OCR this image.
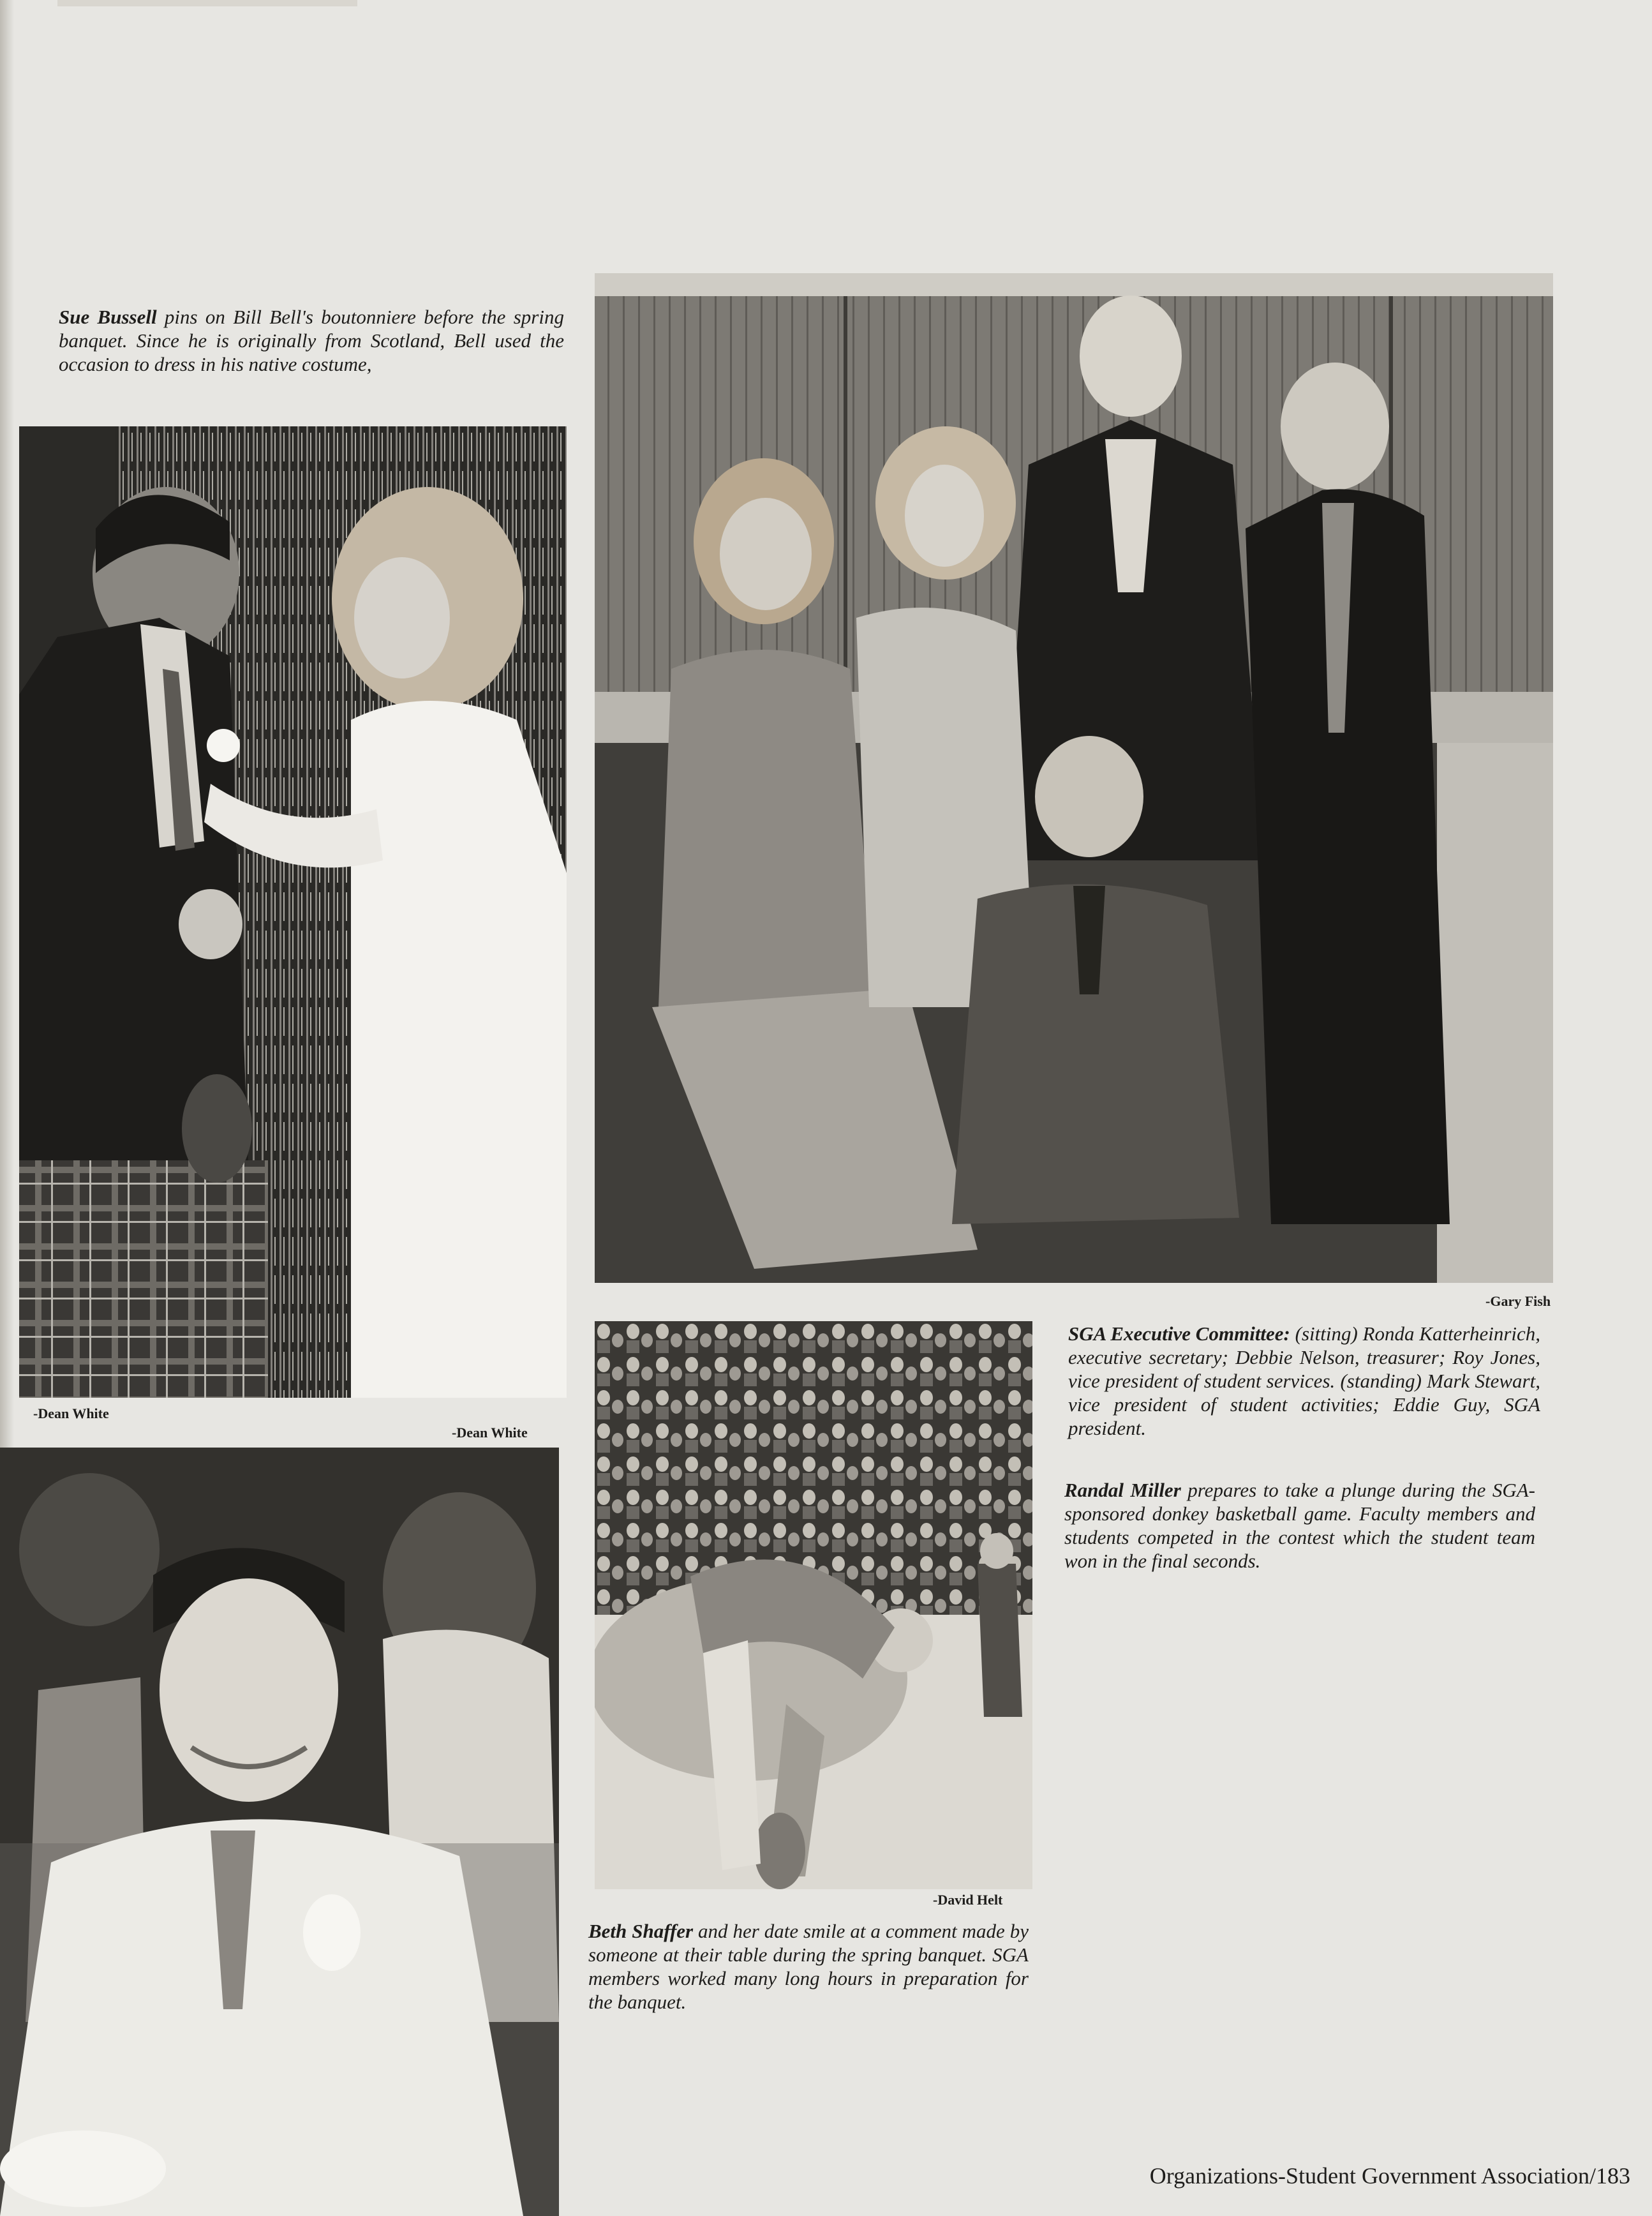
Sue Bussell pins on Bill Bell's boutonniere before the spring banquet. Since he is originally from Scotland, Bell used the occasion to dress in his native costume,

-Dean White

-Gary Fish

SGA Executive Committee: (sitting) Ronda Katterheinrich, executive secretary; Debbie Nelson, treasurer; Roy Jones, vice president of student services. (standing) Mark Stewart, vice president of student activities; Eddie Guy, SGA president.

Randal Miller prepares to take a plunge during the SGA-sponsored donkey basketball game. Faculty members and students competed in the contest which the student team won in the final seconds.

-David Helt

Beth Shaffer and her date smile at a comment made by someone at their table during the spring banquet. SGA members worked many long hours in preparation for the banquet.

-Dean White

Organizations-Student Government Association/183
